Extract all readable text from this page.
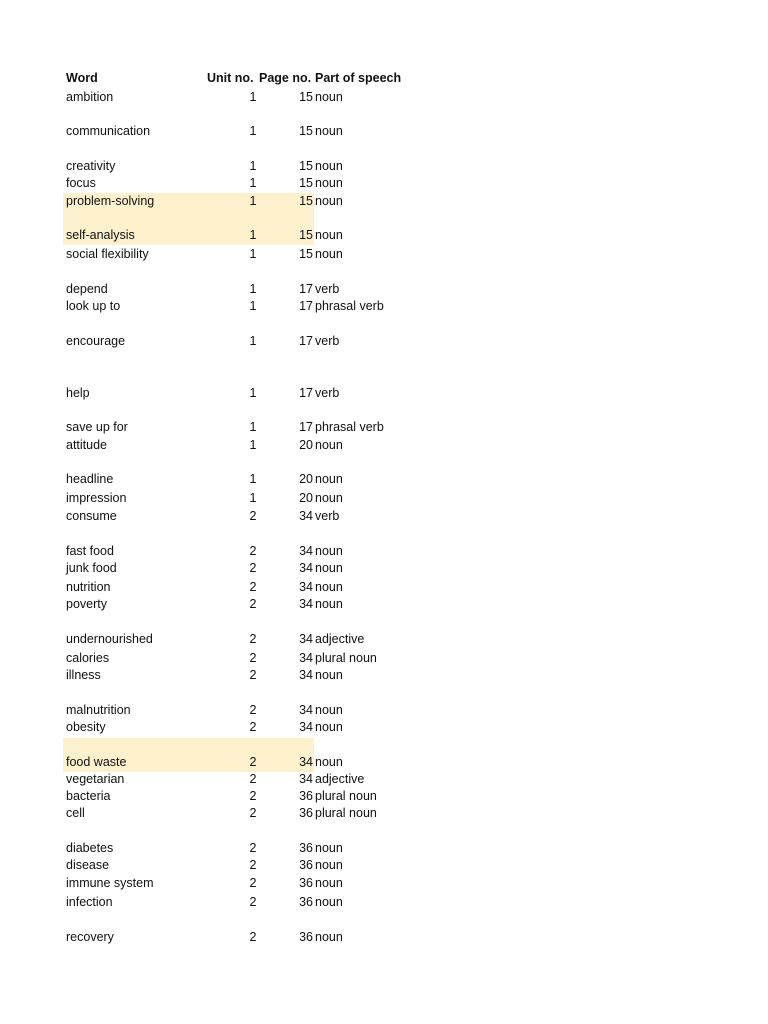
Word	Unit no. Page no. Part of speech
ambition	1	15 noun
communication	1	15 noun
creativity	1	15 noun
focus	1	15 noun
problem-solving	1	15 noun
self-analysis	1	15 noun
social flexibility	1	15 noun
depend	1	17 verb
look up to	1	17 phrasal verb
encourage	1	17 verb
help	1	17 verb
save up for	1	17 phrasal verb
attitude	1	20 noun
headline	1	20 noun
impression	1	20 noun
consume	2	34 verb
fast food	2	34 noun
junk food	2	34 noun
nutrition	2	34 noun
poverty	2	34 noun
undernourished	2	34 adjective
calories	2	34 plural noun
illness	2	34 noun
malnutrition	2	34 noun
obesity	2	34 noun
food waste	2	34 noun
vegetarian	2	34 adjective
bacteria	2	36 plural noun
cell	2	36 plural noun
diabetes	2	36 noun
disease	2	36 noun
immune system	2	36 noun
infection	2	36 noun
recovery	2	36 noun
